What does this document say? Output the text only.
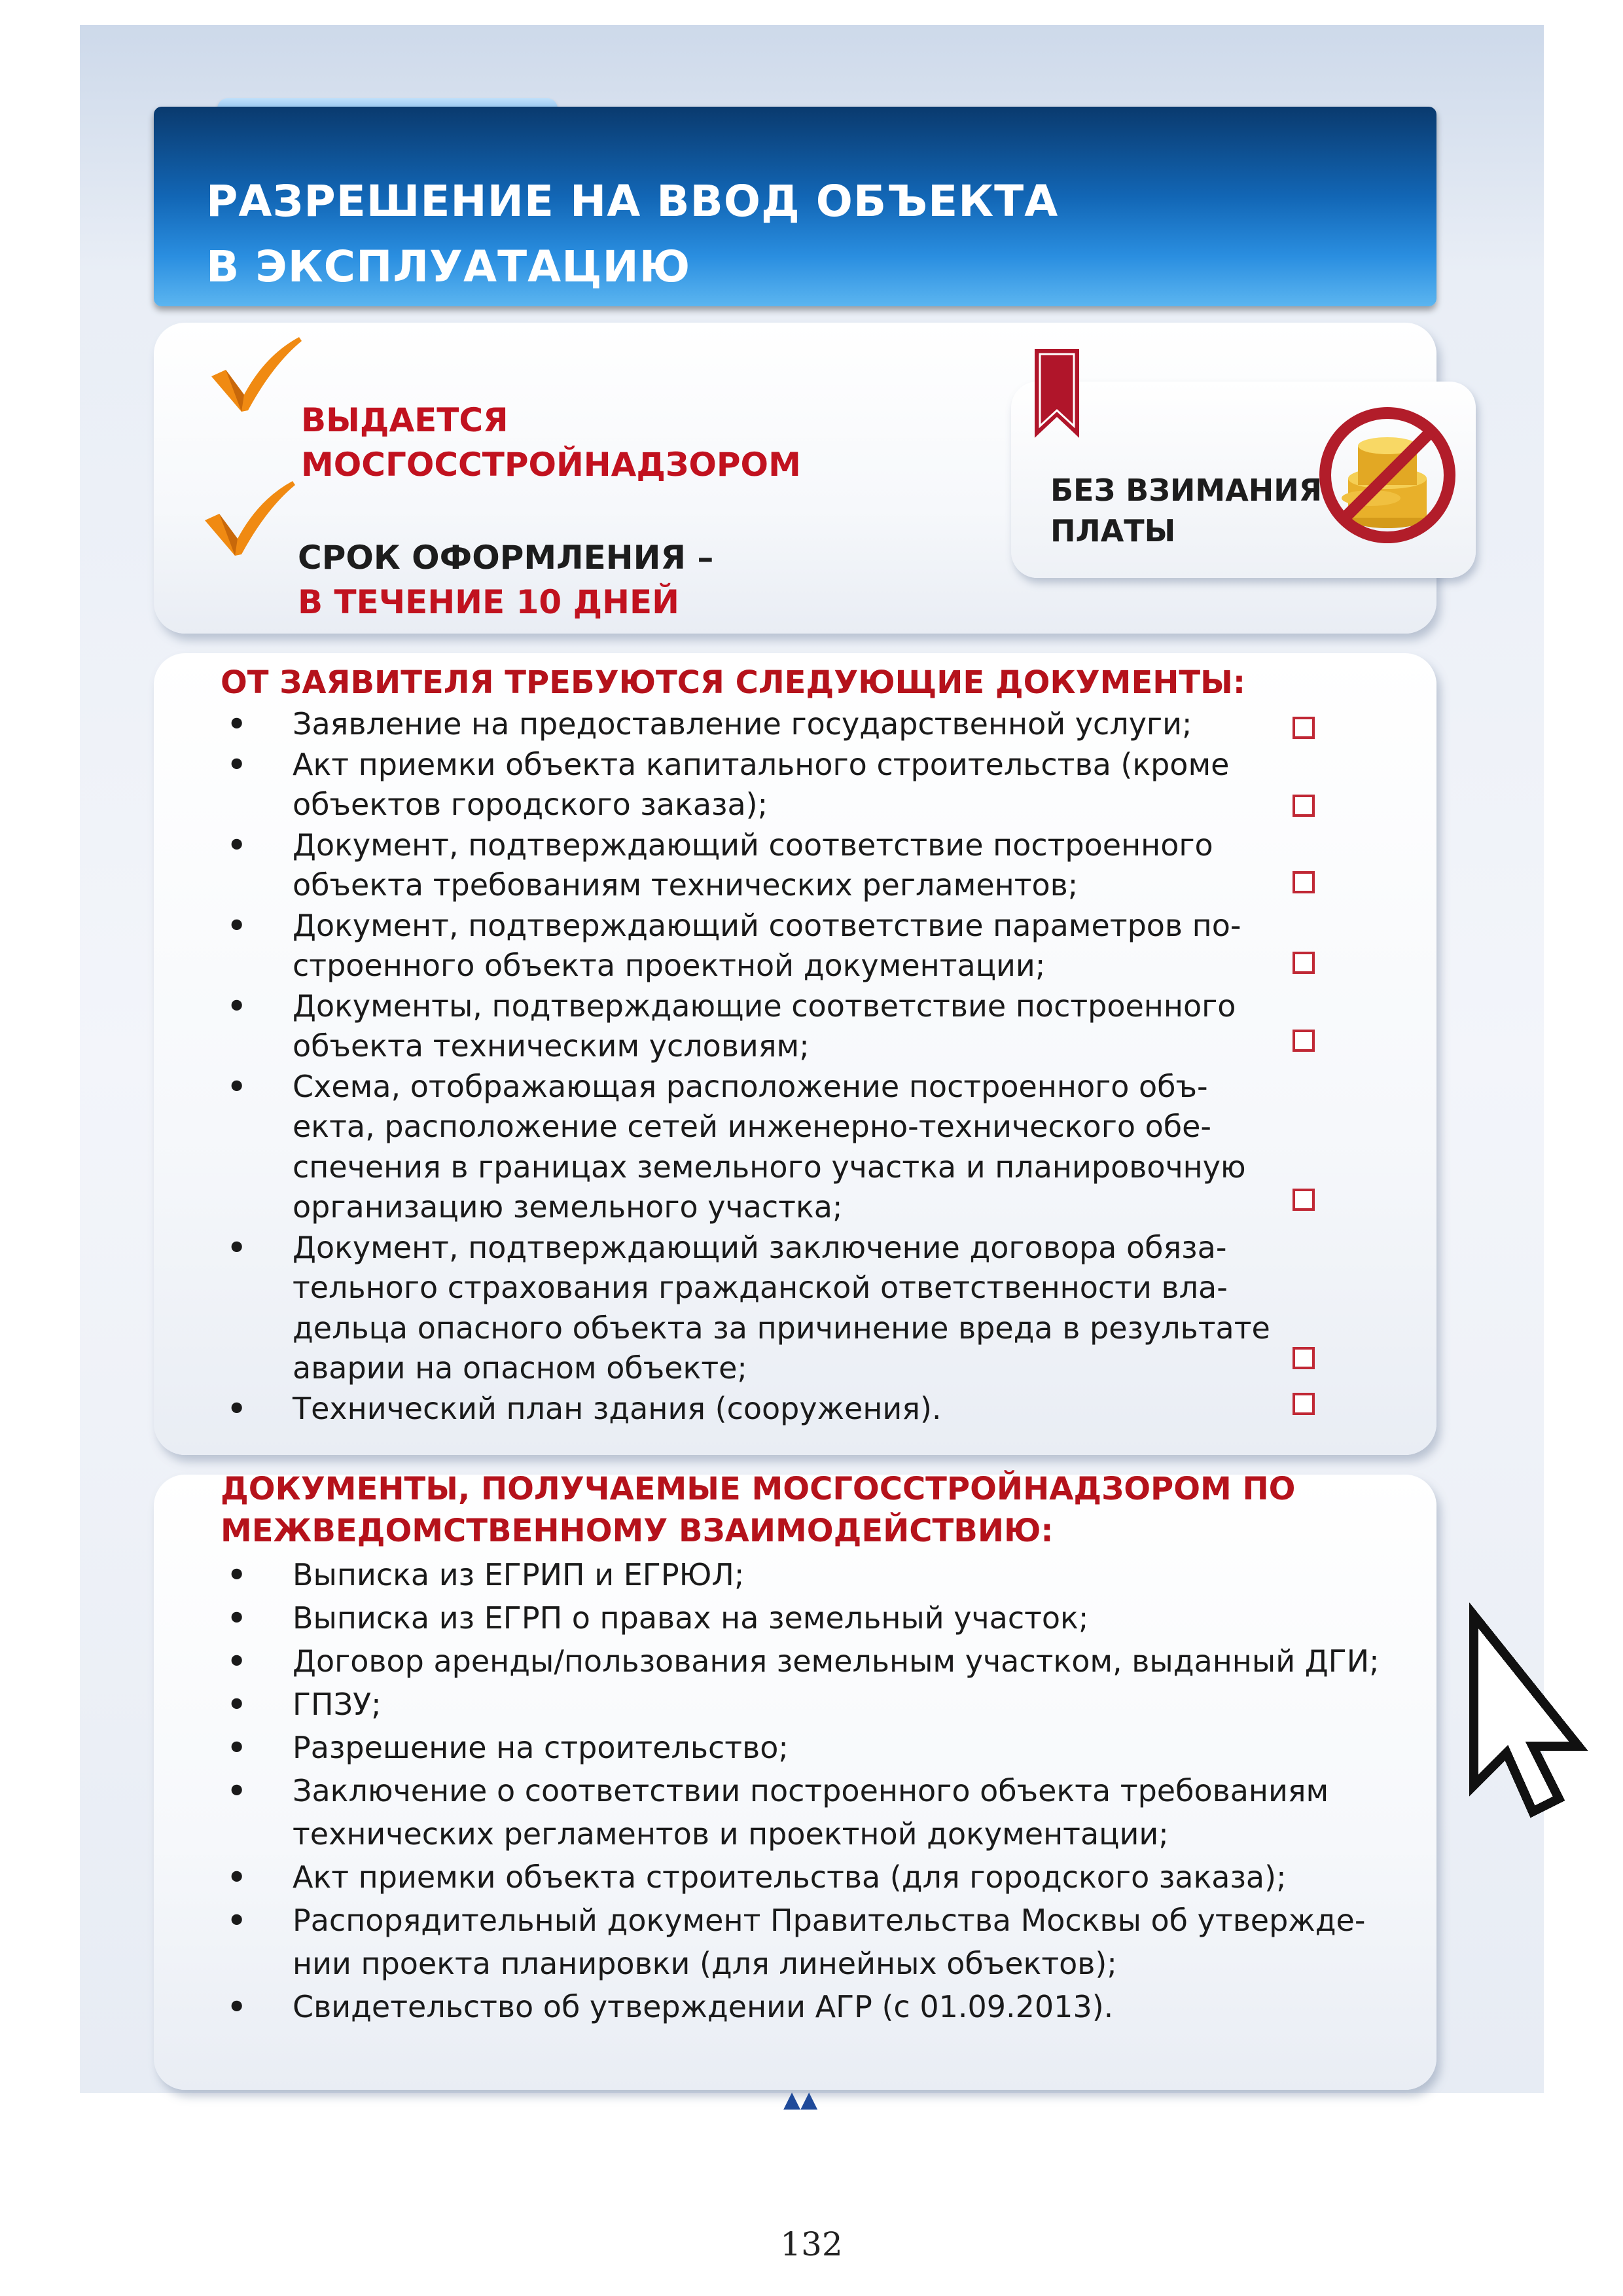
РАЗРЕШЕНИЕ НА ВВОД ОБЪЕКТА
В ЭКСПЛУАТАЦИЮ

ВЫДАЕТСЯ
МОСГОССТРОЙНАДЗОРОМ

СРОК ОФОРМЛЕНИЯ –
В ТЕЧЕНИЕ 10 ДНЕЙ

БЕЗ ВЗИМАНИЯ
ПЛАТЫ

ОТ ЗАЯВИТЕЛЯ ТРЕБУЮТСЯ СЛЕДУЮЩИЕ ДОКУМЕНТЫ:
• Заявление на предоставление государственной услуги;
• Акт приемки объекта капитального строительства (кроме
объектов городского заказа);
• Документ, подтверждающий соответствие построенного
объекта требованиям технических регламентов;
• Документ, подтверждающий соответствие параметров по-
строенного объекта проектной документации;
• Документы, подтверждающие соответствие построенного
объекта техническим условиям;
• Схема, отображающая расположение построенного объ-
екта, расположение сетей инженерно-технического обе-
спечения в границах земельного участка и планировочную
организацию земельного участка;
• Документ, подтверждающий заключение договора обяза-
тельного страхования гражданской ответственности вла-
дельца опасного объекта за причинение вреда в результате
аварии на опасном объекте;
• Технический план здания (сооружения).
ДОКУМЕНТЫ, ПОЛУЧАЕМЫЕ МОСГОССТРОЙНАДЗОРОМ ПО
МЕЖВЕДОМСТВЕННОМУ ВЗАИМОДЕЙСТВИЮ:
• Выписка из ЕГРИП и ЕГРЮЛ;
• Выписка из ЕГРП о правах на земельный участок;
• Договор аренды/пользования земельным участком, выданный ДГИ;
• ГПЗУ;
• Разрешение на строительство;
• Заключение о соответствии построенного объекта требованиям
технических регламентов и проектной документации;
• Акт приемки объекта строительства (для городского заказа);
• Распорядительный документ Правительства Москвы об утвержде-
нии проекта планировки (для линейных объектов);
• Свидетельство об утверждении АГР (с 01.09.2013).
▲▲

132
